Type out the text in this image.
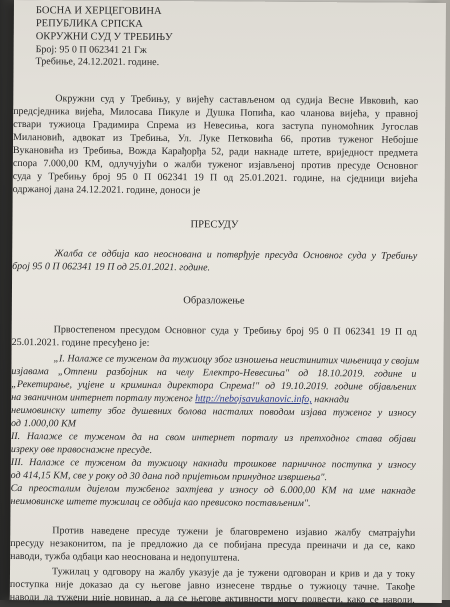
БОСНА И ХЕРЦЕГОВИНА
РЕПУБЛИКА СРПСКА
ОКРУЖНИ СУД У ТРЕБИЊУ
Број: 95 0 П 062341 21 Гж
Требиње, 24.12.2021. године.
Окружни суд у Требињу, у вијећу састављеном од судија Весне Ивковић, као
предсједника вијећа, Милосава Пикуле и Душка Попића, као чланова вијећа, у правној
ствари тужиоца Градимира Спрема из Невесиња, кога заступа пуномоћник Југослав
Милановић, адвокат из Требиња, Ул. Луке Петковића 66, против туженог Небојше
Вукановића из Требиња, Вожда Карађорђа 52, ради накнаде штете, вриједност предмета
спора 7.000,00 КМ, одлучујући о жалби туженог изјављеној против пресуде Основног
суда у Требињу број 95 0 П 062341 19 П од 25.01.2021. године, на сједници вијећа
одржаној дана 24.12.2021. године, доноси је
ПРЕСУДУ
Жалба се одбија као неоснована и потврђује пресуда Основног суда у Требињу
број 95 0 П 062341 19 П од 25.01.2021. године.
Образложење
Првостепеном пресудом Основног суда у Требињу број 95 0 П 062341 19 П од
25.01.2021. године пресуђено је:
„I. Налаже се туженом да тужиоцу због изношења неистинитих чињеница у својим
изјавама „Отпени разбојник на челу Електро-Невесиња" од 18.10.2019. године и
„Рекетирање, уцјене и криминал директора Спрема!" од 19.10.2019. године објављених
на званичном интернет порталу туженог http://nebojsavukanovic.info, накнади
неимовинску штету због душевних болова насталих поводом изјава туженог у износу
од 1.000,00 КМ
II. Налаже се туженом да на свом интернет порталу из претходног става објави
изреку ове правоснажне пресуде.
III. Налаже се туженом да тужиоцу накнади трошкове парничног поступка у износу
од 414,15 КМ, све у року од 30 дана под пријетњом принудног извршења".
Са преосталим дијелом тужбеног захтјева у износу од 6.000,00 КМ на име накнаде
неимовинске штете тужилац се одбија као превисоко постављеним".
Против наведене пресуде тужени је благовремено изјавио жалбу сматрајући
пресуду незаконитом, па је предложио да се побијана пресуда преиначи и да се, како
наводи, тужба одбаци као неоснована и недопуштена.
Тужилац у одговору на жалбу указује да је тужени одговоран и крив и да у току
поступка није доказао да су његове јавно изнесене тврдње о тужиоцу тачне. Такође
наводи да тужени није новинар, а да се његове активности могу подвести, како се наводи,
